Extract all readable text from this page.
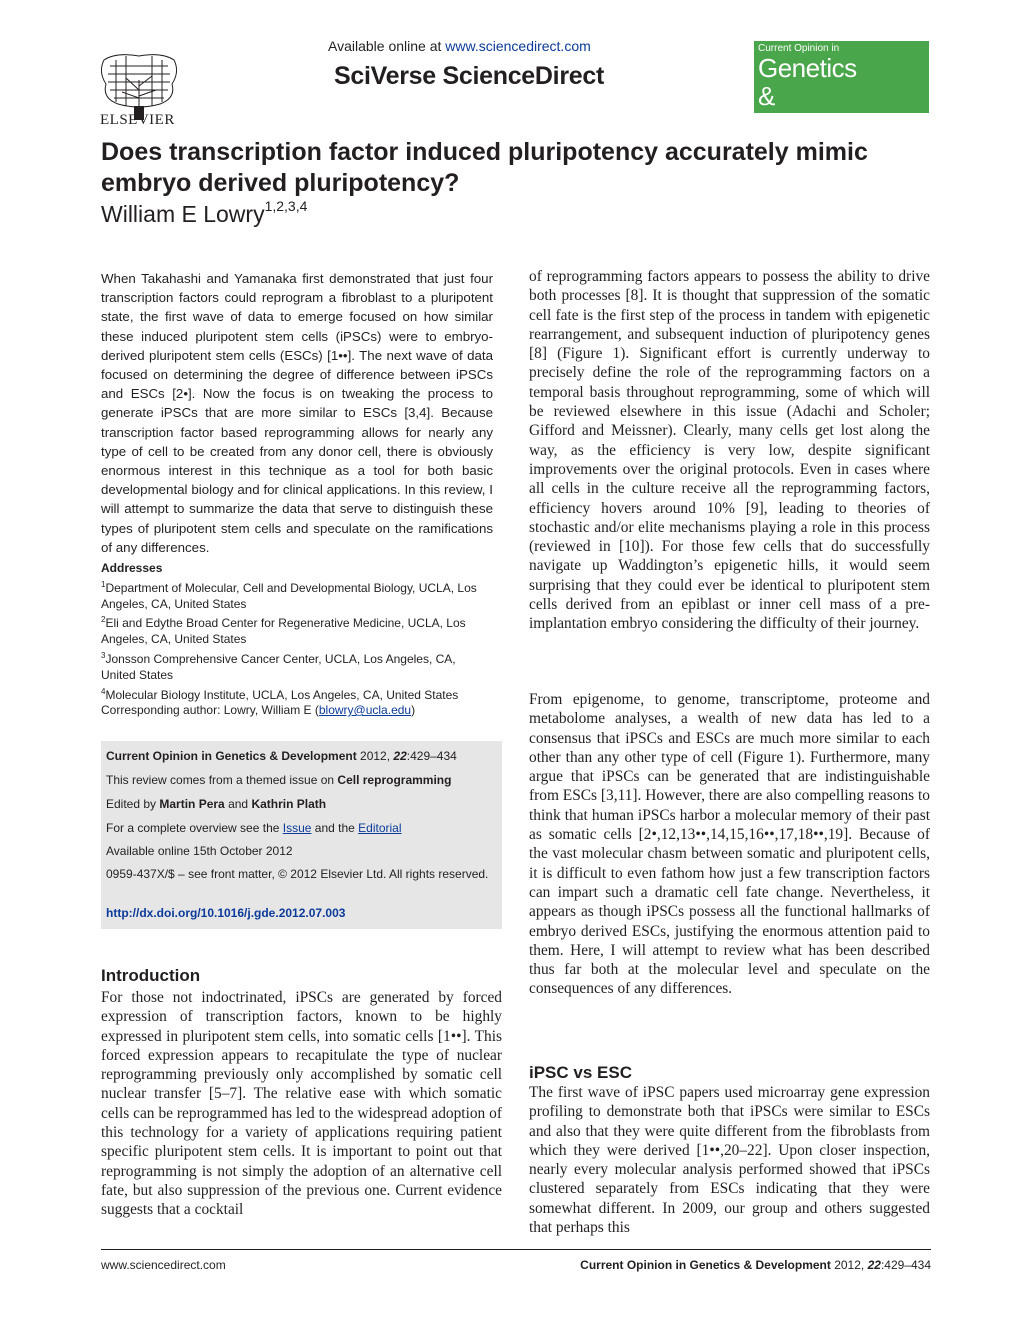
ELSEVIER
Available online at www.sciencedirect.com
SciVerse ScienceDirect
Current Opinion in
Genetics
& Development
Does transcription factor induced pluripotency accurately mimic embryo derived pluripotency?
William E Lowry$^{1,2,3,4}$
When Takahashi and Yamanaka first demonstrated that just four transcription factors could reprogram a fibroblast to a pluripotent state, the first wave of data to emerge focused on how similar these induced pluripotent stem cells (iPSCs) were to embryo-derived pluripotent stem cells (ESCs) [1••]. The next wave of data focused on determining the degree of difference between iPSCs and ESCs [2•]. Now the focus is on tweaking the process to generate iPSCs that are more similar to ESCs [3,4]. Because transcription factor based reprogramming allows for nearly any type of cell to be created from any donor cell, there is obviously enormous interest in this technique as a tool for both basic developmental biology and for clinical applications. In this review, I will attempt to summarize the data that serve to distinguish these types of pluripotent stem cells and speculate on the ramifications of any differences.
Addresses
$^1$Department of Molecular, Cell and Developmental Biology, UCLA, Los Angeles, CA, United States
$^2$Eli and Edythe Broad Center for Regenerative Medicine, UCLA, Los Angeles, CA, United States
$^3$Jonsson Comprehensive Cancer Center, UCLA, Los Angeles, CA, United States
$^4$Molecular Biology Institute, UCLA, Los Angeles, CA, United States
Corresponding author: Lowry, William E (blowry@ucla.edu)
Current Opinion in Genetics & Development 2012, 22:429–434
This review comes from a themed issue on Cell reprogramming
Edited by Martin Pera and Kathrin Plath
For a complete overview see the Issue and the Editorial
Available online 15th October 2012
0959-437X/$ – see front matter, © 2012 Elsevier Ltd. All rights reserved.
http://dx.doi.org/10.1016/j.gde.2012.07.003
Introduction
For those not indoctrinated, iPSCs are generated by forced expression of transcription factors, known to be highly expressed in pluripotent stem cells, into somatic cells [1••]. This forced expression appears to recapitulate the type of nuclear reprogramming previously only accomplished by somatic cell nuclear transfer [5–7]. The relative ease with which somatic cells can be reprogrammed has led to the widespread adoption of this technology for a variety of applications requiring patient specific pluripotent stem cells. It is important to point out that reprogramming is not simply the adoption of an alternative cell fate, but also suppression of the previous one. Current evidence suggests that a cocktail
of reprogramming factors appears to possess the ability to drive both processes [8]. It is thought that suppression of the somatic cell fate is the first step of the process in tandem with epigenetic rearrangement, and subsequent induction of pluripotency genes [8] (Figure 1). Significant effort is currently underway to precisely define the role of the reprogramming factors on a temporal basis throughout reprogramming, some of which will be reviewed elsewhere in this issue (Adachi and Scholer; Gifford and Meissner). Clearly, many cells get lost along the way, as the efficiency is very low, despite significant improvements over the original protocols. Even in cases where all cells in the culture receive all the reprogramming factors, efficiency hovers around 10% [9], leading to theories of stochastic and/or elite mechanisms playing a role in this process (reviewed in [10]). For those few cells that do successfully navigate up Waddington’s epigenetic hills, it would seem surprising that they could ever be identical to pluripotent stem cells derived from an epiblast or inner cell mass of a pre-implantation embryo considering the difficulty of their journey.
From epigenome, to genome, transcriptome, proteome and metabolome analyses, a wealth of new data has led to a consensus that iPSCs and ESCs are much more similar to each other than any other type of cell (Figure 1). Furthermore, many argue that iPSCs can be generated that are indistinguishable from ESCs [3,11]. However, there are also compelling reasons to think that human iPSCs harbor a molecular memory of their past as somatic cells [2•,12,13••,14,15,16••,17,18••,19]. Because of the vast molecular chasm between somatic and pluripotent cells, it is difficult to even fathom how just a few transcription factors can impart such a dramatic cell fate change. Nevertheless, it appears as though iPSCs possess all the functional hallmarks of embryo derived ESCs, justifying the enormous attention paid to them. Here, I will attempt to review what has been described thus far both at the molecular level and speculate on the consequences of any differences.
iPSC vs ESC
The first wave of iPSC papers used microarray gene expression profiling to demonstrate both that iPSCs were similar to ESCs and also that they were quite different from the fibroblasts from which they were derived [1••,20–22]. Upon closer inspection, nearly every molecular analysis performed showed that iPSCs clustered separately from ESCs indicating that they were somewhat different. In 2009, our group and others suggested that perhaps this
www.sciencedirect.com	Current Opinion in Genetics & Development 2012, 22:429–434
